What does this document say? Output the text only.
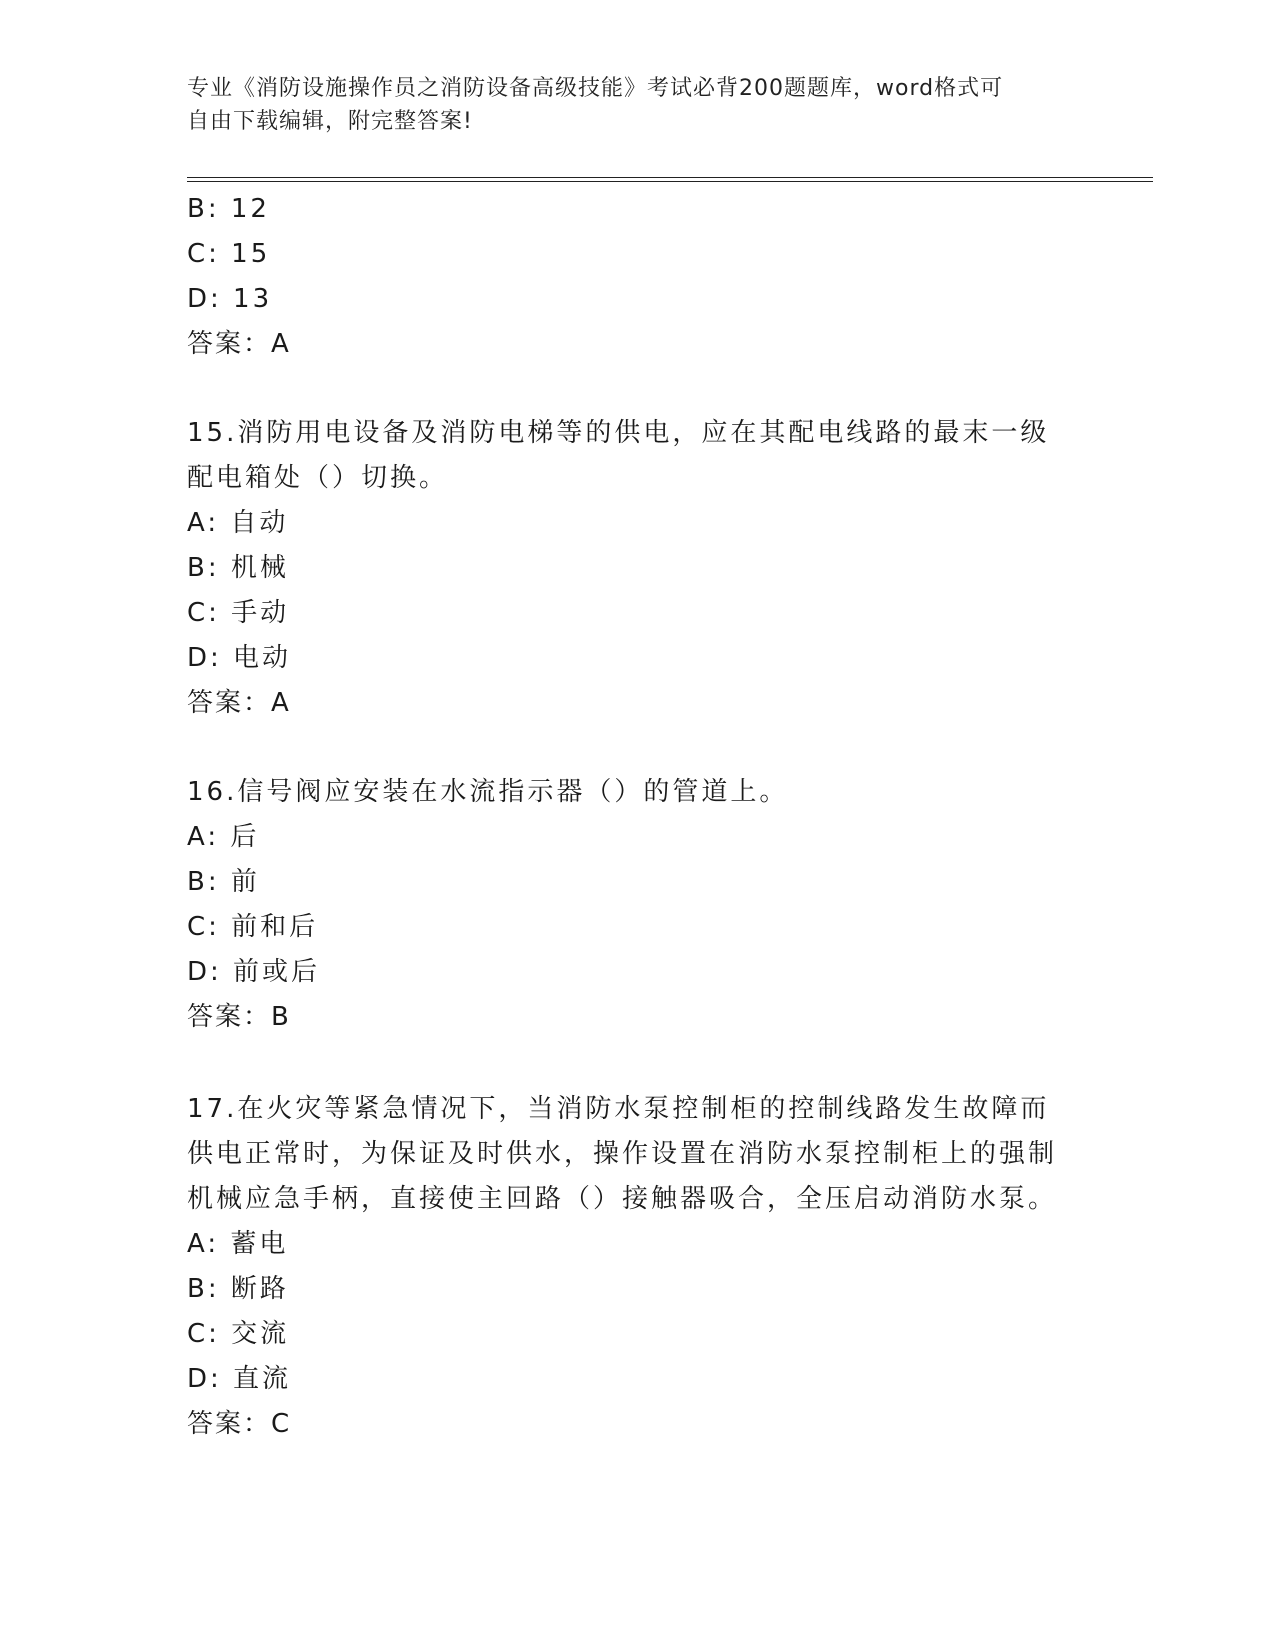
专业《消防设施操作员之消防设备高级技能》考试必背200题题库，word格式可
自由下载编辑，附完整答案!
B: 12
C: 15
D: 13
答案：A
15.消防用电设备及消防电梯等的供电，应在其配电线路的最末一级配电箱处（）切换。
A: 自动
B: 机械
C: 手动
D: 电动
答案：A
16.信号阀应安装在水流指示器（）的管道上。
A: 后
B: 前
C: 前和后
D: 前或后
答案：B
17.在火灾等紧急情况下，当消防水泵控制柜的控制线路发生故障而供电正常时，为保证及时供水，操作设置在消防水泵控制柜上的强制机械应急手柄，直接使主回路（）接触器吸合，全压启动消防水泵。
A: 蓄电
B: 断路
C: 交流
D: 直流
答案：C
